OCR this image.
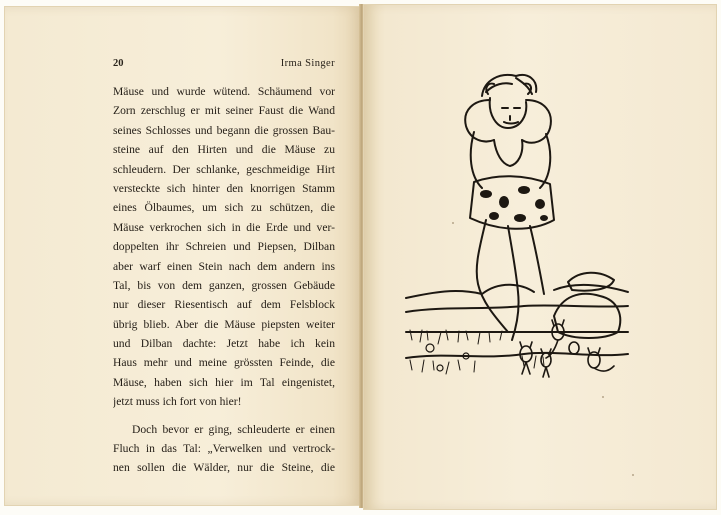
20	Irma Singer
Mäuse und wurde wütend. Schäumend vor
Zorn zerschlug er mit seiner Faust die Wand
seines Schlosses und begann die grossen Bau-
steine auf den Hirten und die Mäuse zu
schleudern. Der schlanke, geschmeidige Hirt
versteckte sich hinter den knorrigen Stamm
eines Ölbaumes, um sich zu schützen, die
Mäuse verkrochen sich in die Erde und ver-
doppelten ihr Schreien und Piepsen, Dilban
aber warf einen Stein nach dem andern ins
Tal, bis von dem ganzen, grossen Gebäude
nur dieser Riesentisch auf dem Felsblock
übrig blieb. Aber die Mäuse piepsten weiter
und Dilban dachte: Jetzt habe ich kein
Haus mehr und meine grössten Feinde, die
Mäuse, haben sich hier im Tal eingenistet,
jetzt muss ich fort von hier!
Doch bevor er ging, schleuderte er einen
Fluch in das Tal: „Verwelken und vertrock-
nen sollen die Wälder, nur die Steine, die
